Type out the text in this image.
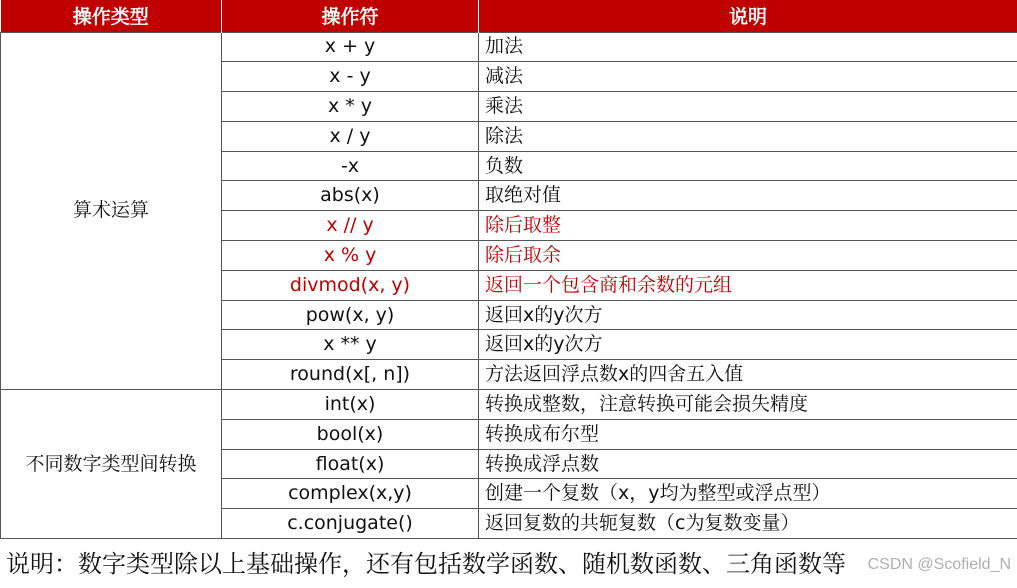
操作类型	操作符	说明
算术运算	x + y	加法
	x - y	减法
	x * y	乘法
	x / y	除法
	-x	负数
	abs(x)	取绝对值
	x // y	除后取整
	x % y	除后取余
	divmod(x, y)	返回一个包含商和余数的元组
	pow(x, y)	返回x的y次方
	x ** y	返回x的y次方
	round(x[, n])	方法返回浮点数x的四舍五入值
不同数字类型间转换	int(x)	转换成整数，注意转换可能会损失精度
	bool(x)	转换成布尔型
	float(x)	转换成浮点数
	complex(x,y)	创建一个复数（x，y均为整型或浮点型）
	c.conjugate()	返回复数的共轭复数（c为复数变量）
说明：数字类型除以上基础操作，还有包括数学函数、随机数函数、三角函数等	CSDN @Scofield_N
